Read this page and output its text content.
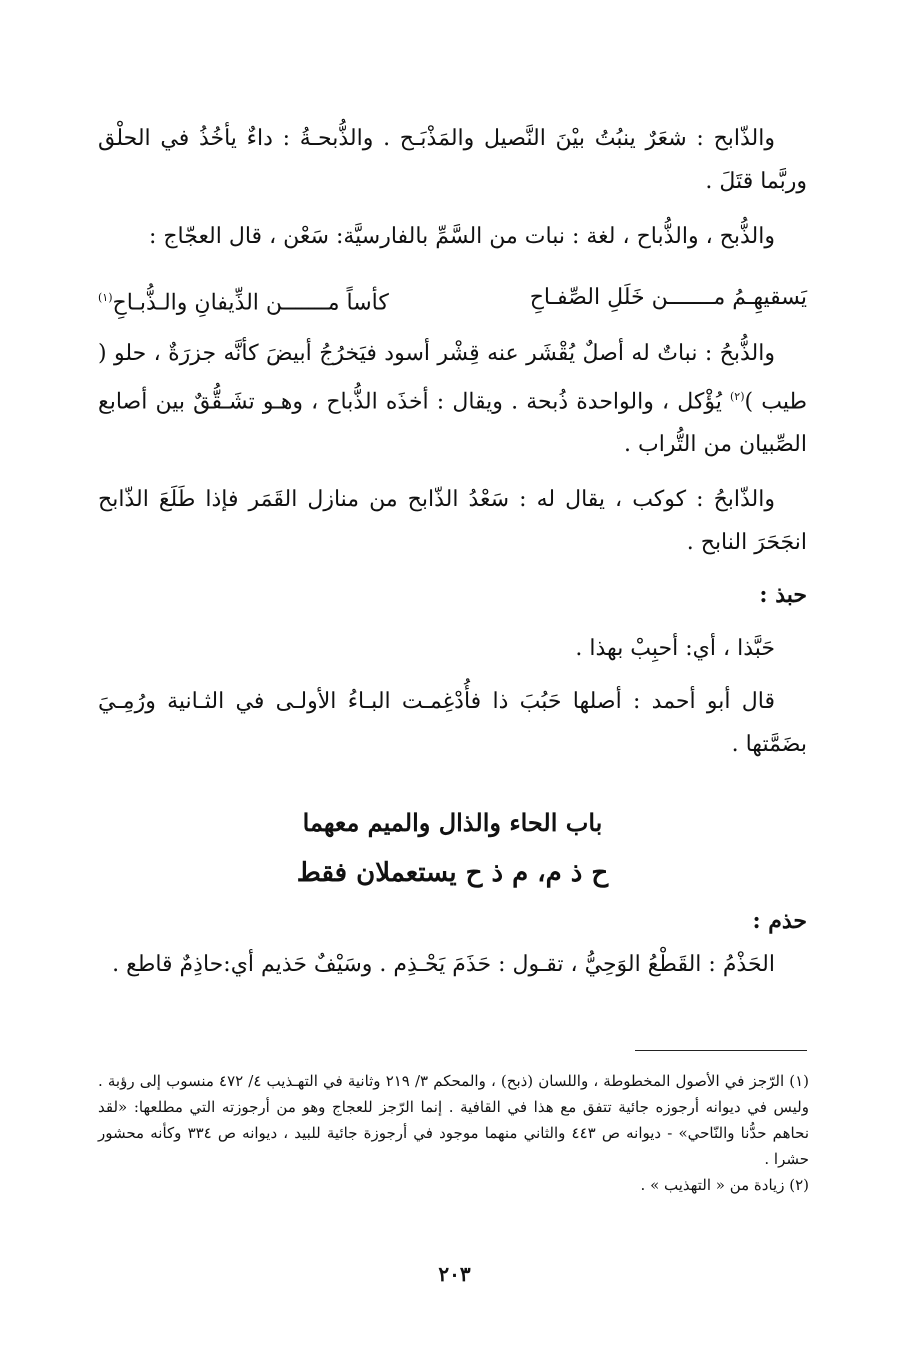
والذّابح : شعَرٌ ينبُتُ بيْنَ النَّصيل والمَذْبَـح . والذُّبحـةُ : داءٌ يأخُذُ في الحلْق وربَّما قتَلَ .

والذُّبح ، والذُّباح ، لغة : نبات من السَّمِّ بالفارسيَّة: سَعْن ، قال العجّاج :

يَسقيهِـمُ مـــــــن خَلَلِ الصِّفـاحِ
كأساً مـــــــن الذِّيفانِ والـذُّبـاحِ$^{(١)}$

والذُّبحُ : نباتٌ له أصلٌ يُقْشَر عنه قِشْر أسود فيَخرُجُ أبيضَ كأنَّه جزرَةٌ ، حلو ( طيب )$^{(٢)}$ يُؤْكل ، والواحدة ذُبحة . ويقال : أخذَه الذُّباح ، وهـو تشَـقُّقٌ بين أصابع الصِّبيان من التُّراب .

والذّابحُ : كوكب ، يقال له : سَعْدُ الذّابح من منازل القَمَر فإذا طَلَعَ الذّابح انجَحَرَ النابح .

حبذ :

حَبَّذا ، أي: أحبِبْ بهذا .

قال أبو أحمد : أصلها حَبُبَ ذا فأُدْغِمـت البـاءُ الأولـى في الثـانية ورُمِـيَ بضَمَّتها .

باب الحاء والذال والميم معهما
ح ذ م، م ذ ح يستعملان فقط

حذم :

الحَذْمُ : القَطْعُ الوَحِيُّ ، تقـول : حَذَمَ يَحْـذِم . وسَيْفٌ حَذيم أي:حاذِمٌ قاطع .

(١) الرّجز في الأصول المخطوطة ، واللسان (ذبح) ، والمحكم ٣/ ٢١٩ وثانية في التهـذيب ٤/ ٤٧٢ منسوب إلى رؤبة . وليس في ديوانه أرجوزه جائية تتفق مع هذا في القافية . إنما الرّجز للعجاج وهو من أرجوزته التي مطلعها: «لقد نحاهم حدُّنا والنّاحي» - ديوانه ص ٤٤٣ والثاني منهما موجود في أرجوزة جائية للبيد ، ديوانه ص ٣٣٤ وكأنه محشور حشرا .

(٢) زيادة من « التهذيب » .

٢٠٣
